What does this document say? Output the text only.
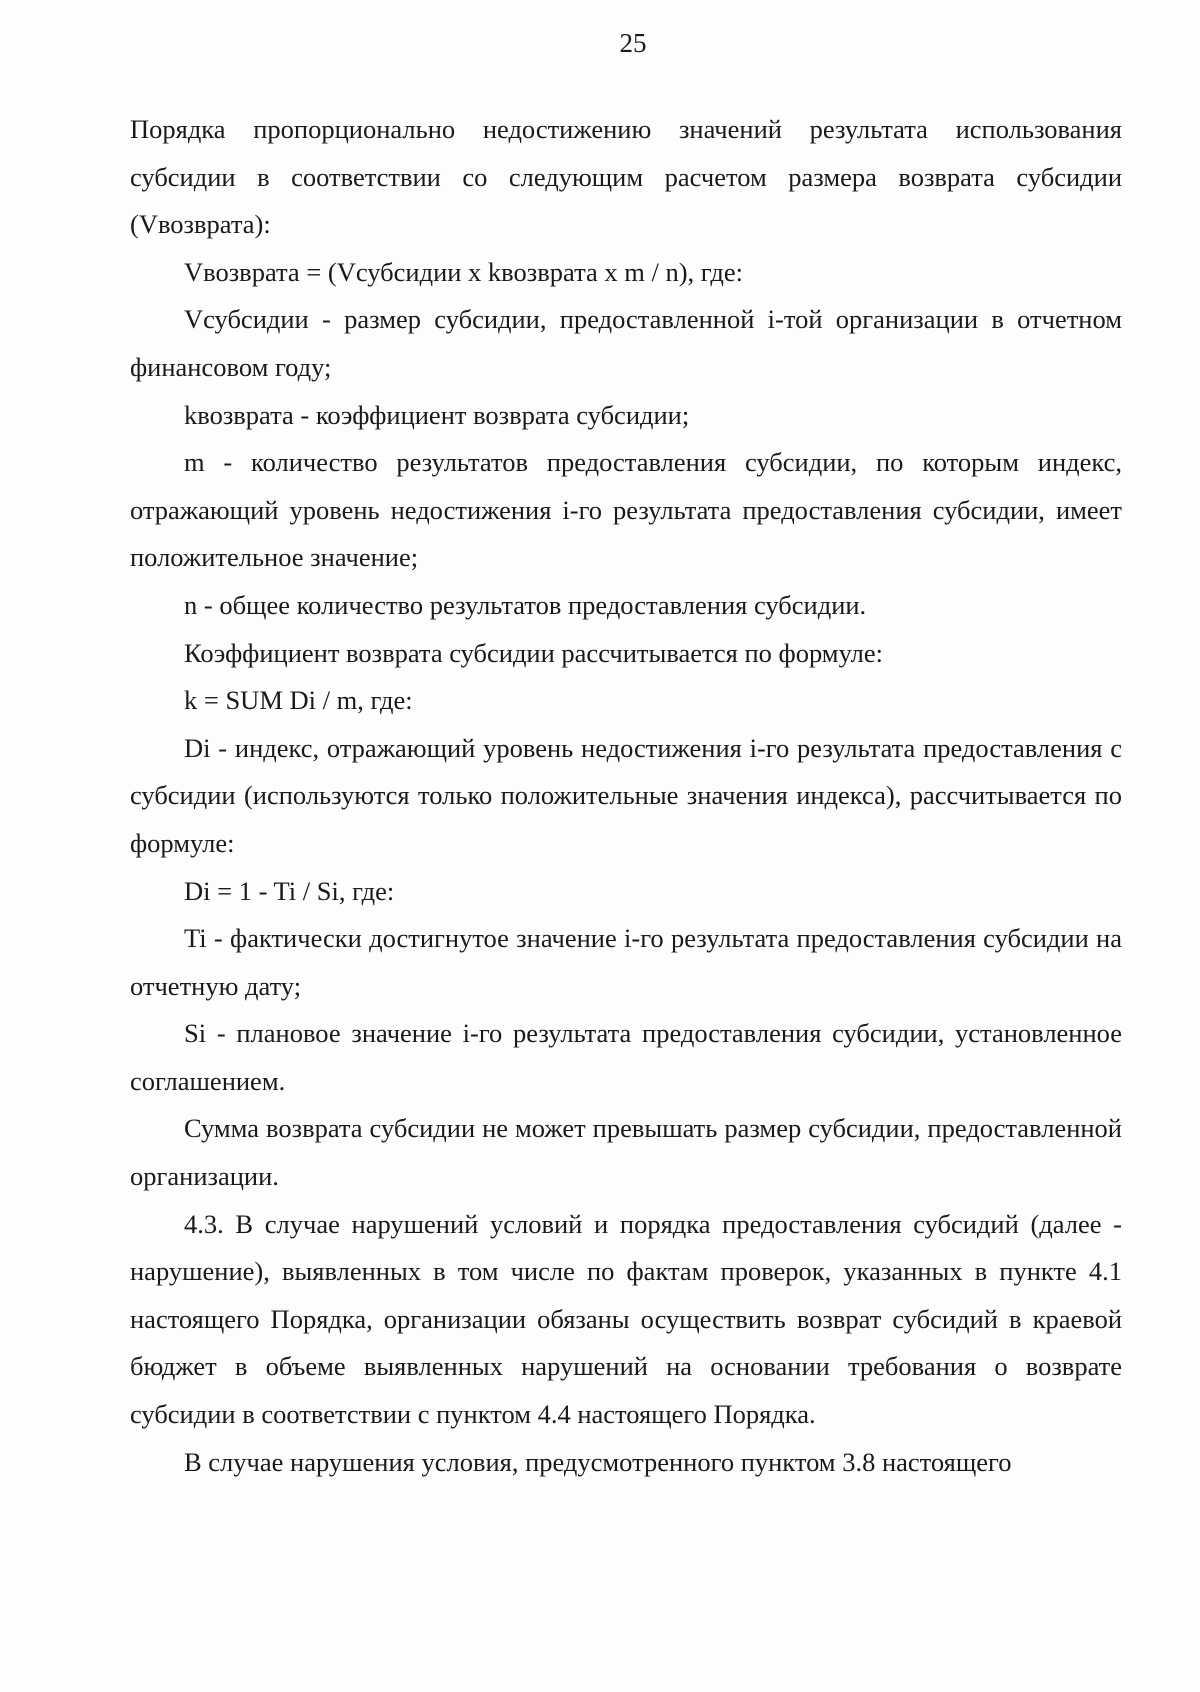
25

Порядка пропорционально недостижению значений результата использования субсидии в соответствии со следующим расчетом размера возврата субсидии (Vвозврата):

Vвозврата = (Vсубсидии x kвозврата x m / n), где:

Vсубсидии - размер субсидии, предоставленной i-той организации в отчетном финансовом году;

kвозврата - коэффициент возврата субсидии;

m - количество результатов предоставления субсидии, по которым индекс, отражающий уровень недостижения i-го результата предоставления субсидии, имеет положительное значение;

n - общее количество результатов предоставления субсидии.

Коэффициент возврата субсидии рассчитывается по формуле:

k = SUM Di / m, где:

Di - индекс, отражающий уровень недостижения i-го результата предоставления с субсидии (используются только положительные значения индекса), рассчитывается по формуле:

Di = 1 - Ti / Si, где:

Ti - фактически достигнутое значение i-го результата предоставления субсидии на отчетную дату;

Si - плановое значение i-го результата предоставления субсидии, установленное соглашением.

Сумма возврата субсидии не может превышать размер субсидии, предоставленной организации.

4.3. В случае нарушений условий и порядка предоставления субсидий (далее - нарушение), выявленных в том числе по фактам проверок, указанных в пункте 4.1 настоящего Порядка, организации обязаны осуществить возврат субсидий в краевой бюджет в объеме выявленных нарушений на основании требования о возврате субсидии в соответствии с пунктом 4.4 настоящего Порядка.

В случае нарушения условия, предусмотренного пунктом 3.8 настоящего
